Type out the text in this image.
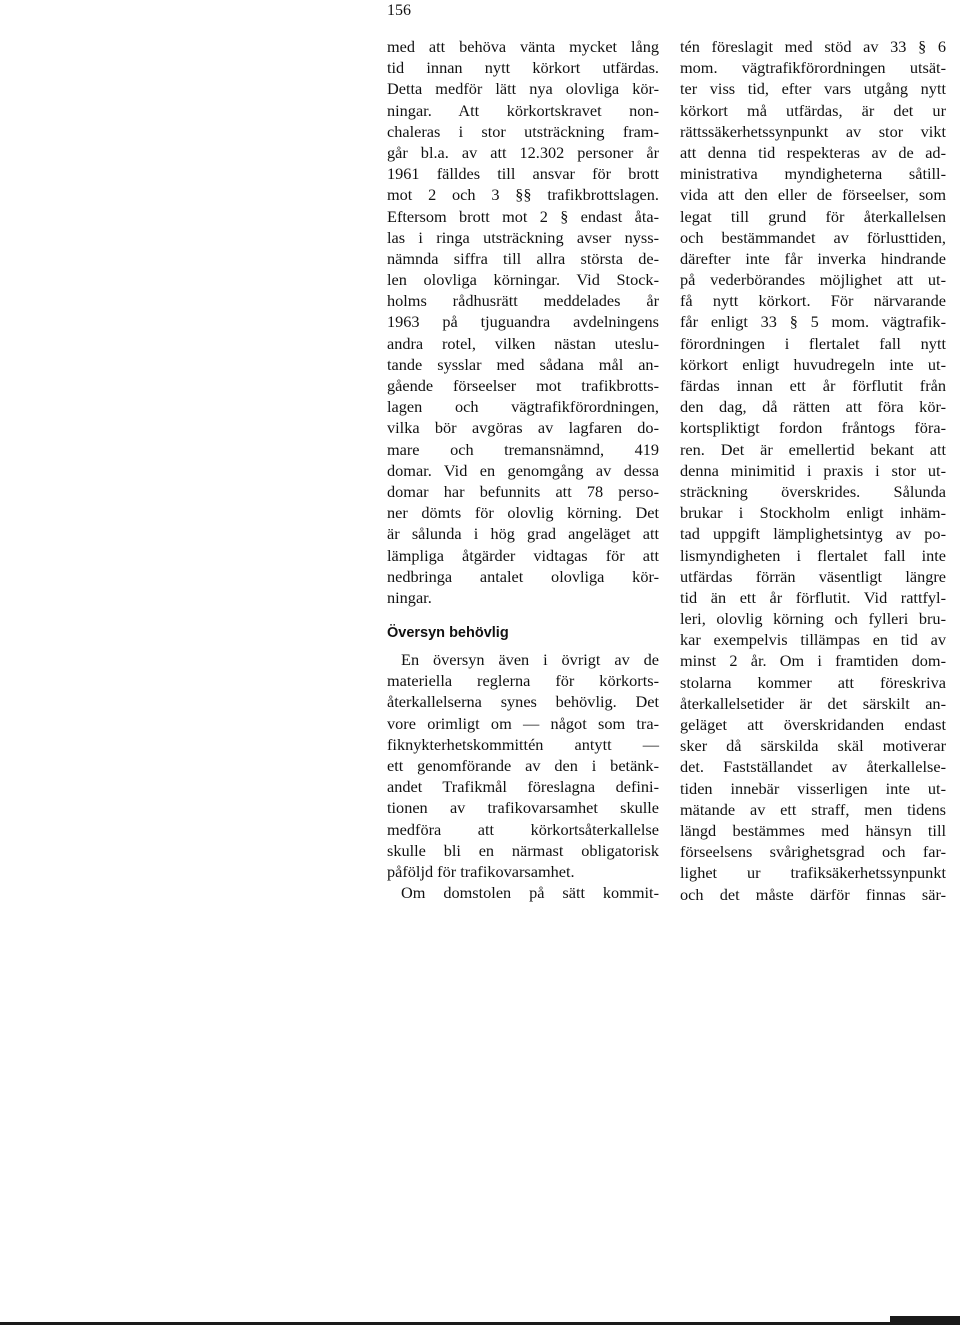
156
med att behöva vänta mycket lång
tid innan nytt körkort utfärdas.
Detta medför lätt nya olovliga kör-
ningar. Att körkortskravet non-
chaleras i stor utsträckning fram-
går bl.a. av att 12.302 personer år
1961 fälldes till ansvar för brott
mot 2 och 3 §§ trafikbrottslagen.
Eftersom brott mot 2 § endast åta-
las i ringa utsträckning avser nyss-
nämnda siffra till allra största de-
len olovliga körningar. Vid Stock-
holms rådhusrätt meddelades år
1963 på tjuguandra avdelningens
andra rotel, vilken nästan uteslu-
tande sysslar med sådana mål an-
gående förseelser mot trafikbrotts-
lagen och vägtrafikförordningen,
vilka bör avgöras av lagfaren do-
mare och tremansnämnd, 419
domar. Vid en genomgång av dessa
domar har befunnits att 78 perso-
ner dömts för olovlig körning. Det
är sålunda i hög grad angeläget att
lämpliga åtgärder vidtagas för att
nedbringa antalet olovliga kör-
ningar.
Översyn behövlig
En översyn även i övrigt av de
materiella reglerna för körkorts-
återkallelserna synes behövlig. Det
vore orimligt om — något som tra-
fiknykterhetskommittén antytt —
ett genomförande av den i betänk-
andet Trafikmål föreslagna defini-
tionen av trafikovarsamhet skulle
medföra att körkortsåterkallelse
skulle bli en närmast obligatorisk
påföljd för trafikovarsamhet.
Om domstolen på sätt kommit-
tén föreslagit med stöd av 33 § 6
mom. vägtrafikförordningen utsät-
ter viss tid, efter vars utgång nytt
körkort må utfärdas, är det ur
rättssäkerhetssynpunkt av stor vikt
att denna tid respekteras av de ad-
ministrativa myndigheterna såtill-
vida att den eller de förseelser, som
legat till grund för återkallelsen
och bestämmandet av förlusttiden,
därefter inte får inverka hindrande
på vederbörandes möjlighet att ut-
få nytt körkort. För närvarande
får enligt 33 § 5 mom. vägtrafik-
förordningen i flertalet fall nytt
körkort enligt huvudregeln inte ut-
färdas innan ett år förflutit från
den dag, då rätten att föra kör-
kortspliktigt fordon fråntogs föra-
ren. Det är emellertid bekant att
denna minimitid i praxis i stor ut-
sträckning överskrides. Sålunda
brukar i Stockholm enligt inhäm-
tad uppgift lämplighetsintyg av po-
lismyndigheten i flertalet fall inte
utfärdas förrän väsentligt längre
tid än ett år förflutit. Vid rattfyl-
leri, olovlig körning och fylleri bru-
kar exempelvis tillämpas en tid av
minst 2 år. Om i framtiden dom-
stolarna kommer att föreskriva
återkallelsetider är det särskilt an-
geläget att överskridanden endast
sker då särskilda skäl motiverar
det. Fastställandet av återkallelse-
tiden innebär visserligen inte ut-
mätande av ett straff, men tidens
längd bestämmes med hänsyn till
förseelsens svårighetsgrad och far-
lighet ur trafiksäkerhetssynpunkt
och det måste därför finnas sär-
